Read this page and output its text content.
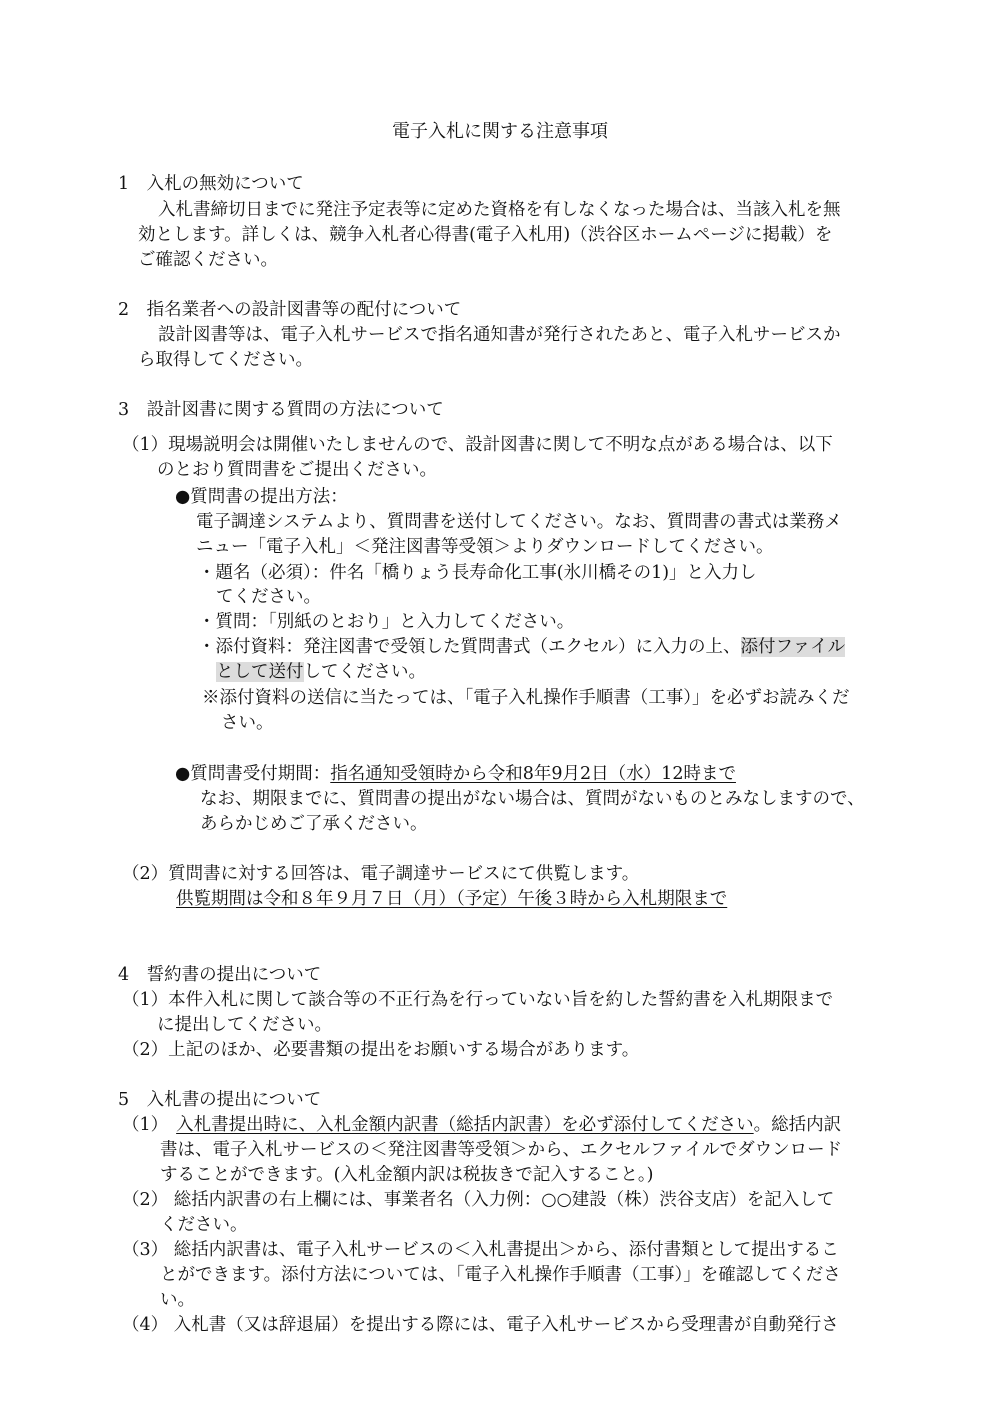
電子入札に関する注意事項
1　入札の無効について
入札書締切日までに発注予定表等に定めた資格を有しなくなった場合は、当該入札を無
効とします。詳しくは、競争入札者心得書(電子入札用)（渋谷区ホームページに掲載）を
ご確認ください。
2　指名業者への設計図書等の配付について
設計図書等は、電子入札サービスで指名通知書が発行されたあと、電子入札サービスか
ら取得してください。
3　設計図書に関する質問の方法について
（1）現場説明会は開催いたしませんので、設計図書に関して不明な点がある場合は、以下
のとおり質問書をご提出ください。
●質問書の提出方法：
電子調達システムより、質問書を送付してください。なお、質問書の書式は業務メ
ニュー「電子入札」＜発注図書等受領＞よりダウンロードしてください。
・題名（必須）：件名「橋りょう長寿命化工事(氷川橋その1)」と入力し
てください。
・質問：「別紙のとおり」と入力してください。
・添付資料：発注図書で受領した質問書式（エクセル）に入力の上、添付ファイル
として送付してください。
※添付資料の送信に当たっては、「電子入札操作手順書（工事）」を必ずお読みくだ
さい。
●質問書受付期間：指名通知受領時から令和8年9月2日（水）12時まで
なお、期限までに、質問書の提出がない場合は、質問がないものとみなしますので、
あらかじめご了承ください。
（2）質問書に対する回答は、電子調達サービスにて供覧します。
供覧期間は令和８年９月７日（月）（予定）午後３時から入札期限まで
4　誓約書の提出について
（1）本件入札に関して談合等の不正行為を行っていない旨を約した誓約書を入札期限まで
に提出してください。
（2）上記のほか、必要書類の提出をお願いする場合があります。
5　入札書の提出について
（1） 入札書提出時に、入札金額内訳書（総括内訳書）を必ず添付してください。総括内訳
書は、電子入札サービスの＜発注図書等受領＞から、エクセルファイルでダウンロード
することができます。(入札金額内訳は税抜きで記入すること。)
（2） 総括内訳書の右上欄には、事業者名（入力例：○○建設（株）渋谷支店）を記入して
ください。
（3） 総括内訳書は、電子入札サービスの＜入札書提出＞から、添付書類として提出するこ
とができます。添付方法については、「電子入札操作手順書（工事）」を確認してくださ
い。
（4） 入札書（又は辞退届）を提出する際には、電子入札サービスから受理書が自動発行さ
